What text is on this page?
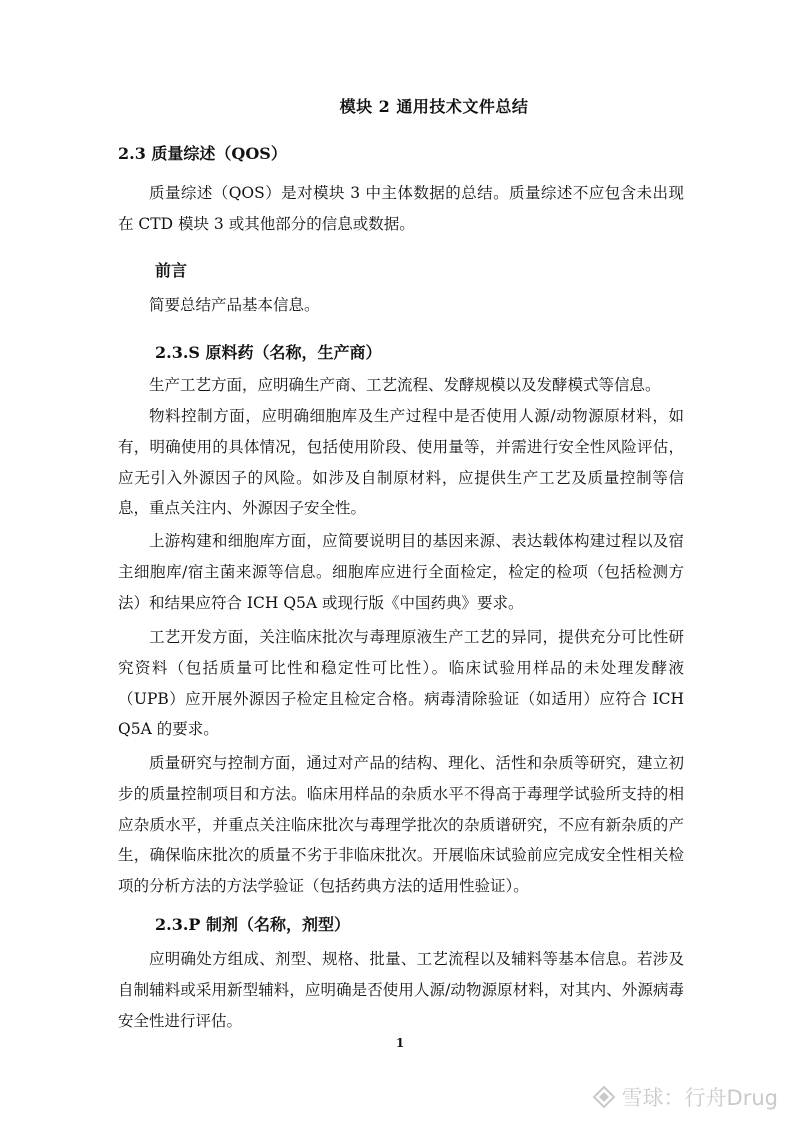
模块 2 通用技术文件总结
2.3 质量综述（QOS）

质量综述（QOS）是对模块 3 中主体数据的总结。质量综述不应包含未出现在 CTD 模块 3 或其他部分的信息或数据。

前言

简要总结产品基本信息。

2.3.S 原料药（名称，生产商）

生产工艺方面，应明确生产商、工艺流程、发酵规模以及发酵模式等信息。

物料控制方面，应明确细胞库及生产过程中是否使用人源/动物源原材料，如有，明确使用的具体情况，包括使用阶段、使用量等，并需进行安全性风险评估，应无引入外源因子的风险。如涉及自制原材料，应提供生产工艺及质量控制等信息，重点关注内、外源因子安全性。

上游构建和细胞库方面，应简要说明目的基因来源、表达载体构建过程以及宿主细胞库/宿主菌来源等信息。细胞库应进行全面检定，检定的检项（包括检测方法）和结果应符合 ICH Q5A 或现行版《中国药典》要求。

工艺开发方面，关注临床批次与毒理原液生产工艺的异同，提供充分可比性研究资料（包括质量可比性和稳定性可比性）。临床试验用样品的未处理发酵液（UPB）应开展外源因子检定且检定合格。病毒清除验证（如适用）应符合 ICH Q5A 的要求。

质量研究与控制方面，通过对产品的结构、理化、活性和杂质等研究，建立初步的质量控制项目和方法。临床用样品的杂质水平不得高于毒理学试验所支持的相应杂质水平，并重点关注临床批次与毒理学批次的杂质谱研究，不应有新杂质的产生，确保临床批次的质量不劣于非临床批次。开展临床试验前应完成安全性相关检项的分析方法的方法学验证（包括药典方法的适用性验证）。

2.3.P 制剂（名称，剂型）

应明确处方组成、剂型、规格、批量、工艺流程以及辅料等基本信息。若涉及自制辅料或采用新型辅料，应明确是否使用人源/动物源原材料，对其内、外源病毒安全性进行评估。

1
雪球：行舟Drug
